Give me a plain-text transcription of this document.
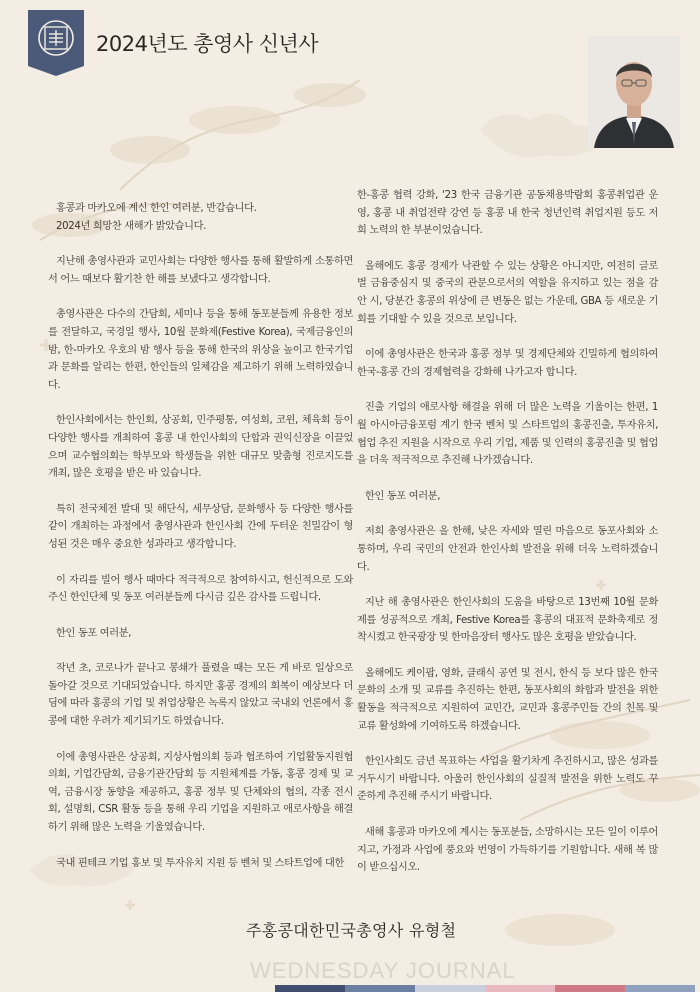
2024년도 총영사 신년사

홍콩과 마카오에 계신 한인 여러분, 반갑습니다.

2024년 희망찬 새해가 밝았습니다.

지난해 총영사관과 교민사회는 다양한 행사를 통해 활발하게 소통하면서 어느 때보다 활기찬 한 해를 보냈다고 생각합니다.

총영사관은 다수의 간담회, 세미나 등을 통해 동포분들께 유용한 정보를 전달하고, 국경일 행사, 10월 문화제(Festive Korea), 국제금융인의 밤, 한-마카오 우호의 밤 행사 등을 통해 한국의 위상을 높이고 한국기업과 문화를 알리는 한편, 한인들의 일체감을 제고하기 위해 노력하였습니다.

한인사회에서는 한인회, 상공회, 민주평통, 여성회, 코윈, 체육회 등이 다양한 행사를 개최하여 홍콩 내 한인사회의 단합과 권익신장을 이끌었으며 교수협의회는 학부모와 학생들을 위한 대규모 맞춤형 진로지도를 개최, 많은 호평을 받은 바 있습니다.

특히 전국체전 발대 및 해단식, 세무상담, 문화행사 등 다양한 행사를 같이 개최하는 과정에서 총영사관과 한인사회 간에 두터운 친밀감이 형성된 것은 매우 중요한 성과라고 생각합니다.

이 자리를 빌어 행사 때마다 적극적으로 참여하시고, 헌신적으로 도와주신 한인단체 및 동포 여러분들께 다시금 깊은 감사를 드립니다.

한인 동포 여러분,

작년 초, 코로나가 끝나고 봉쇄가 풀렸을 때는 모든 게 바로 일상으로 돌아갈 것으로 기대되었습니다. 하지만 홍콩 경제의 회복이 예상보다 더딤에 따라 홍콩의 기업 및 취업상황은 녹록지 않았고 국내외 언론에서 홍콩에 대한 우려가 제기되기도 하였습니다.

이에 총영사관은 상공회, 지상사협의회 등과 협조하여 기업활동지원협의회, 기업간담회, 금융기관간담회 등 지원체계를 가동, 홍콩 경제 및 교역, 금융시장 동향을 제공하고, 홍콩 정부 및 단체와의 협의, 각종 전시회, 설명회, CSR 활동 등을 통해 우리 기업을 지원하고 애로사항을 해결하기 위해 많은 노력을 기울였습니다.

국내 핀테크 기업 홍보 및 투자유치 지원 등 벤처 및 스타트업에 대한

한-홍콩 협력 강화, '23 한국 금융기관 공동채용박람회 홍콩취업관 운영, 홍콩 내 취업전략 강연 등 홍콩 내 한국 청년인력 취업지원 등도 저희 노력의 한 부분이었습니다.

올해에도 홍콩 경제가 낙관할 수 있는 상황은 아니지만, 여전히 글로벌 금융중심지 및 중국의 관문으로서의 역할을 유지하고 있는 점을 감안 시, 당분간 홍콩의 위상에 큰 변동은 없는 가운데, GBA 등 새로운 기회를 기대할 수 있을 것으로 보입니다.

이에 총영사관은 한국과 홍콩 정부 및 경제단체와 긴밀하게 협의하여 한국-홍콩 간의 경제협력을 강화해 나가고자 합니다.

진출 기업의 애로사항 해결을 위해 더 많은 노력을 기울이는 한편, 1월 아시아금융포럼 계기 한국 벤처 및 스타트업의 홍콩진출, 투자유치, 협업 추진 지원을 시작으로 우리 기업, 제품 및 인력의 홍콩진출 및 협업을 더욱 적극적으로 추진해 나가겠습니다.

한인 동포 여러분,

저희 총영사관은 올 한해, 낮은 자세와 열린 마음으로 동포사회와 소통하며, 우리 국민의 안전과 한인사회 발전을 위해 더욱 노력하겠습니다.

지난 해 총영사관은 한인사회의 도움을 바탕으로 13번째 10월 문화제를 성공적으로 개최, Festive Korea를 홍콩의 대표적 문화축제로 정착시켰고 한국광장 및 한마음장터 행사도 많은 호평을 받았습니다.

올해에도 케이팝, 영화, 클래식 공연 및 전시, 한식 등 보다 많은 한국문화의 소개 및 교류를 추진하는 한편, 동포사회의 화합과 발전을 위한 활동을 적극적으로 지원하여 교민간, 교민과 홍콩주민들 간의 친목 및 교류 활성화에 기여하도록 하겠습니다.

한인사회도 금년 목표하는 사업을 활기차게 추진하시고, 많은 성과를 거두시기 바랍니다. 아울러 한인사회의 실질적 발전을 위한 노력도 꾸준하게 추진해 주시기 바랍니다.

새해 홍콩과 마카오에 계시는 동포분들, 소망하시는 모든 일이 이루어지고, 가정과 사업에 풍요와 번영이 가득하기를 기원합니다. 새해 복 많이 받으십시오.

주홍콩대한민국총영사 유형철

WEDNESDAY JOURNAL
